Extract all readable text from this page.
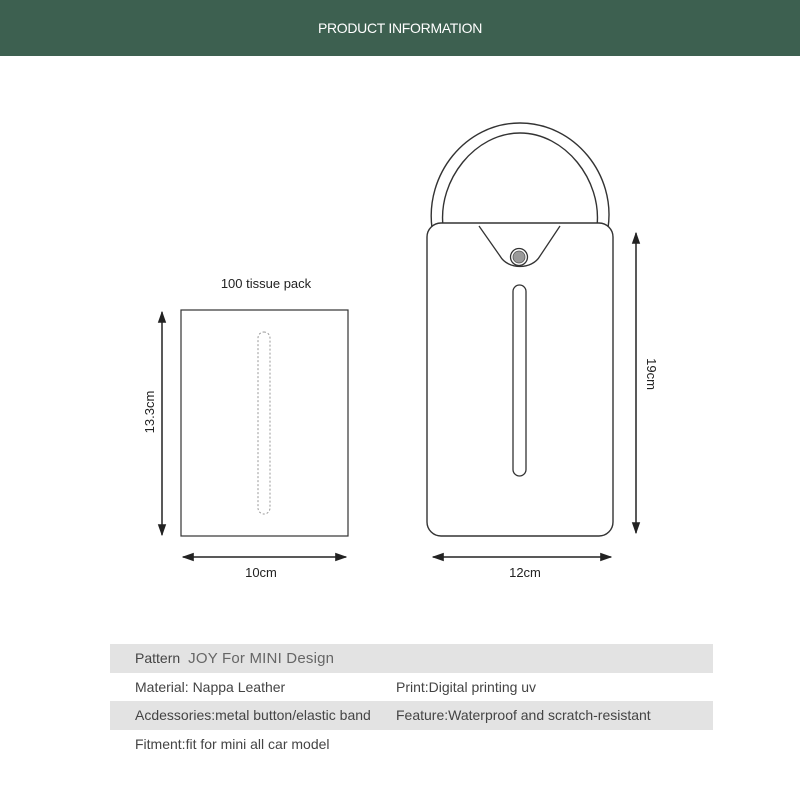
PRODUCT INFORMATION
100 tissue pack
13.3cm
10cm
19cm
12cm
Pattern JOY For MINI Design
Material: Nappa Leather	Print:Digital printing uv
Acdessories:metal button/elastic band	Feature:Waterproof and scratch-resistant
Fitment:fit for mini all car model
